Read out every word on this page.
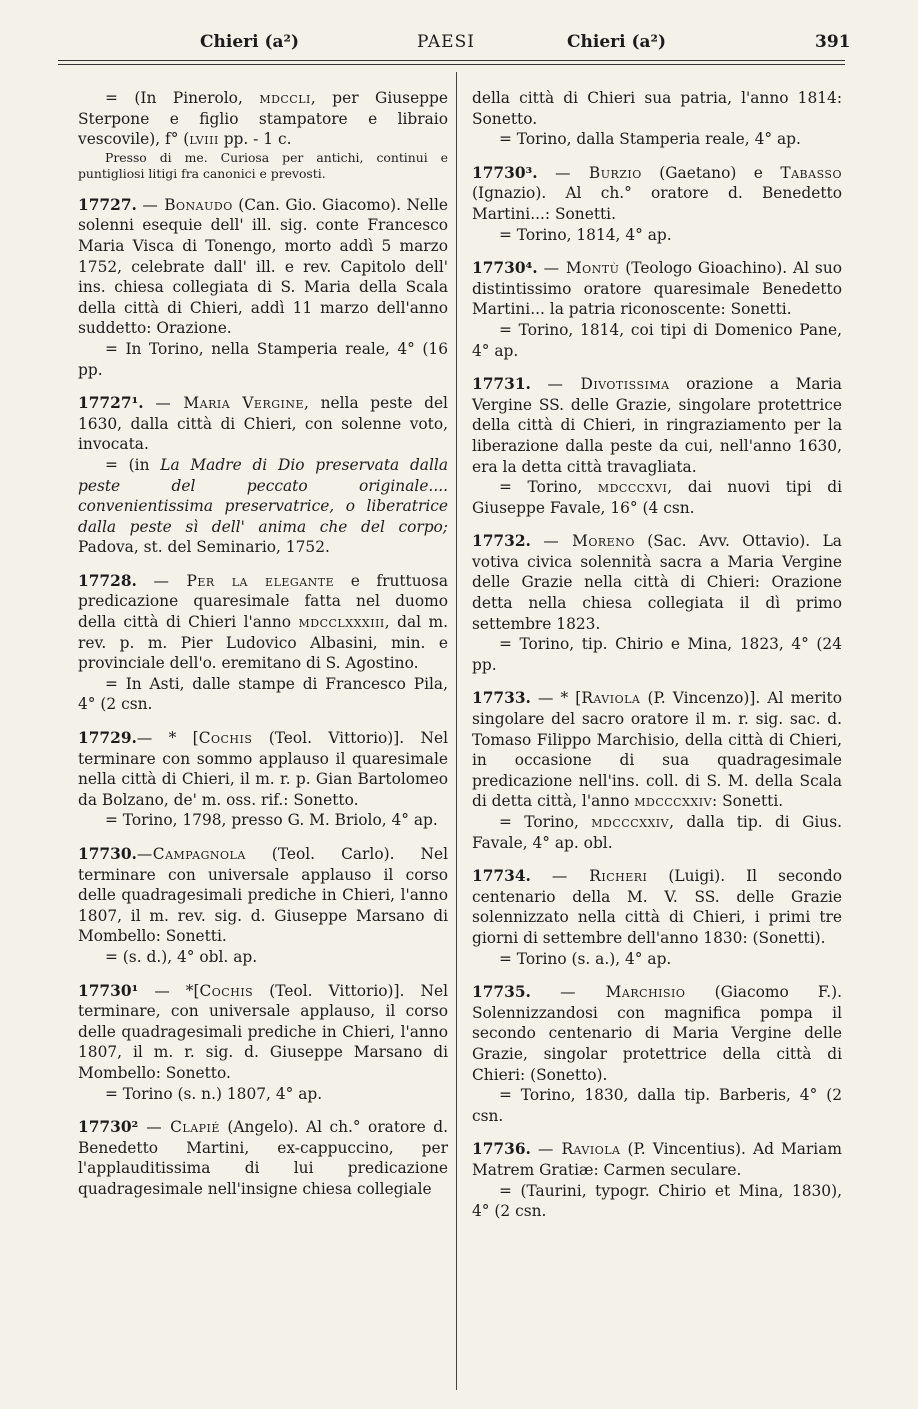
Chieri (a²)	PAESI	Chieri (a²)	391

= (In Pinerolo, mdccli, per Giuseppe Sterpone e figlio stampatore e libraio vescovile), f° (lviii pp. - 1 c.

Presso di me. Curiosa per antichi, continui e puntigliosi litigi fra canonici e prevosti.

17727. — Bonaudo (Can. Gio. Giacomo). Nelle solenni esequie dell' ill. sig. conte Francesco Maria Visca di Tonengo, morto addì 5 marzo 1752, celebrate dall' ill. e rev. Capitolo dell' ins. chiesa collegiata di S. Maria della Scala della città di Chieri, addì 11 marzo dell'anno suddetto: Orazione.

= In Torino, nella Stamperia reale, 4° (16 pp.

17727¹. — Maria Vergine, nella peste del 1630, dalla città di Chieri, con solenne voto, invocata.

= (in La Madre di Dio preservata dalla peste del peccato originale.... convenientissima preservatrice, o liberatrice dalla peste sì dell' anima che del corpo; Padova, st. del Seminario, 1752.

17728. — Per la elegante e fruttuosa predicazione quaresimale fatta nel duomo della città di Chieri l'anno mdcclxxxiii, dal m. rev. p. m. Pier Ludovico Albasini, min. e provinciale dell'o. eremitano di S. Agostino.

= In Asti, dalle stampe di Francesco Pila, 4° (2 csn.

17729.— * [Cochis (Teol. Vittorio)]. Nel terminare con sommo applauso il quaresimale nella città di Chieri, il m. r. p. Gian Bartolomeo da Bolzano, de' m. oss. rif.: Sonetto.

= Torino, 1798, presso G. M. Briolo, 4° ap.

17730.—Campagnola (Teol. Carlo). Nel terminare con universale applauso il corso delle quadragesimali prediche in Chieri, l'anno 1807, il m. rev. sig. d. Giuseppe Marsano di Mombello: Sonetti.

= (s. d.), 4° obl. ap.

17730¹ — *[Cochis (Teol. Vittorio)]. Nel terminare, con universale applauso, il corso delle quadragesimali prediche in Chieri, l'anno 1807, il m. r. sig. d. Giuseppe Marsano di Mombello: Sonetto.

= Torino (s. n.) 1807, 4° ap.

17730² — Clapié (Angelo). Al ch.° oratore d. Benedetto Martini, ex-cappuccino, per l'applauditissima di lui predicazione quadragesimale nell'insigne chiesa collegiale

della città di Chieri sua patria, l'anno 1814: Sonetto.

= Torino, dalla Stamperia reale, 4° ap.

17730³. — Burzio (Gaetano) e Tabasso (Ignazio). Al ch.° oratore d. Benedetto Martini...: Sonetti.

= Torino, 1814, 4° ap.

17730⁴. — Montù (Teologo Gioachino). Al suo distintissimo oratore quaresimale Benedetto Martini... la patria riconoscente: Sonetti.

= Torino, 1814, coi tipi di Domenico Pane, 4° ap.

17731. — Divotissima orazione a Maria Vergine SS. delle Grazie, singolare protettrice della città di Chieri, in ringraziamento per la liberazione dalla peste da cui, nell'anno 1630, era la detta città travagliata.

= Torino, mdcccxvi, dai nuovi tipi di Giuseppe Favale, 16° (4 csn.

17732. — Moreno (Sac. Avv. Ottavio). La votiva civica solennità sacra a Maria Vergine delle Grazie nella città di Chieri: Orazione detta nella chiesa collegiata il dì primo settembre 1823.

= Torino, tip. Chirio e Mina, 1823, 4° (24 pp.

17733. — * [Raviola (P. Vincenzo)]. Al merito singolare del sacro oratore il m. r. sig. sac. d. Tomaso Filippo Marchisio, della città di Chieri, in occasione di sua quadragesimale predicazione nell'ins. coll. di S. M. della Scala di detta città, l'anno mdcccxxiv: Sonetti.

= Torino, mdcccxxiv, dalla tip. di Gius. Favale, 4° ap. obl.

17734. — Richeri (Luigi). Il secondo centenario della M. V. SS. delle Grazie solennizzato nella città di Chieri, i primi tre giorni di settembre dell'anno 1830: (Sonetti).

= Torino (s. a.), 4° ap.

17735. — Marchisio (Giacomo F.). Solennizzandosi con magnifica pompa il secondo centenario di Maria Vergine delle Grazie, singolar protettrice della città di Chieri: (Sonetto).

= Torino, 1830, dalla tip. Barberis, 4° (2 csn.

17736. — Raviola (P. Vincentius). Ad Mariam Matrem Gratiæ: Carmen seculare.

= (Taurini, typogr. Chirio et Mina, 1830), 4° (2 csn.
